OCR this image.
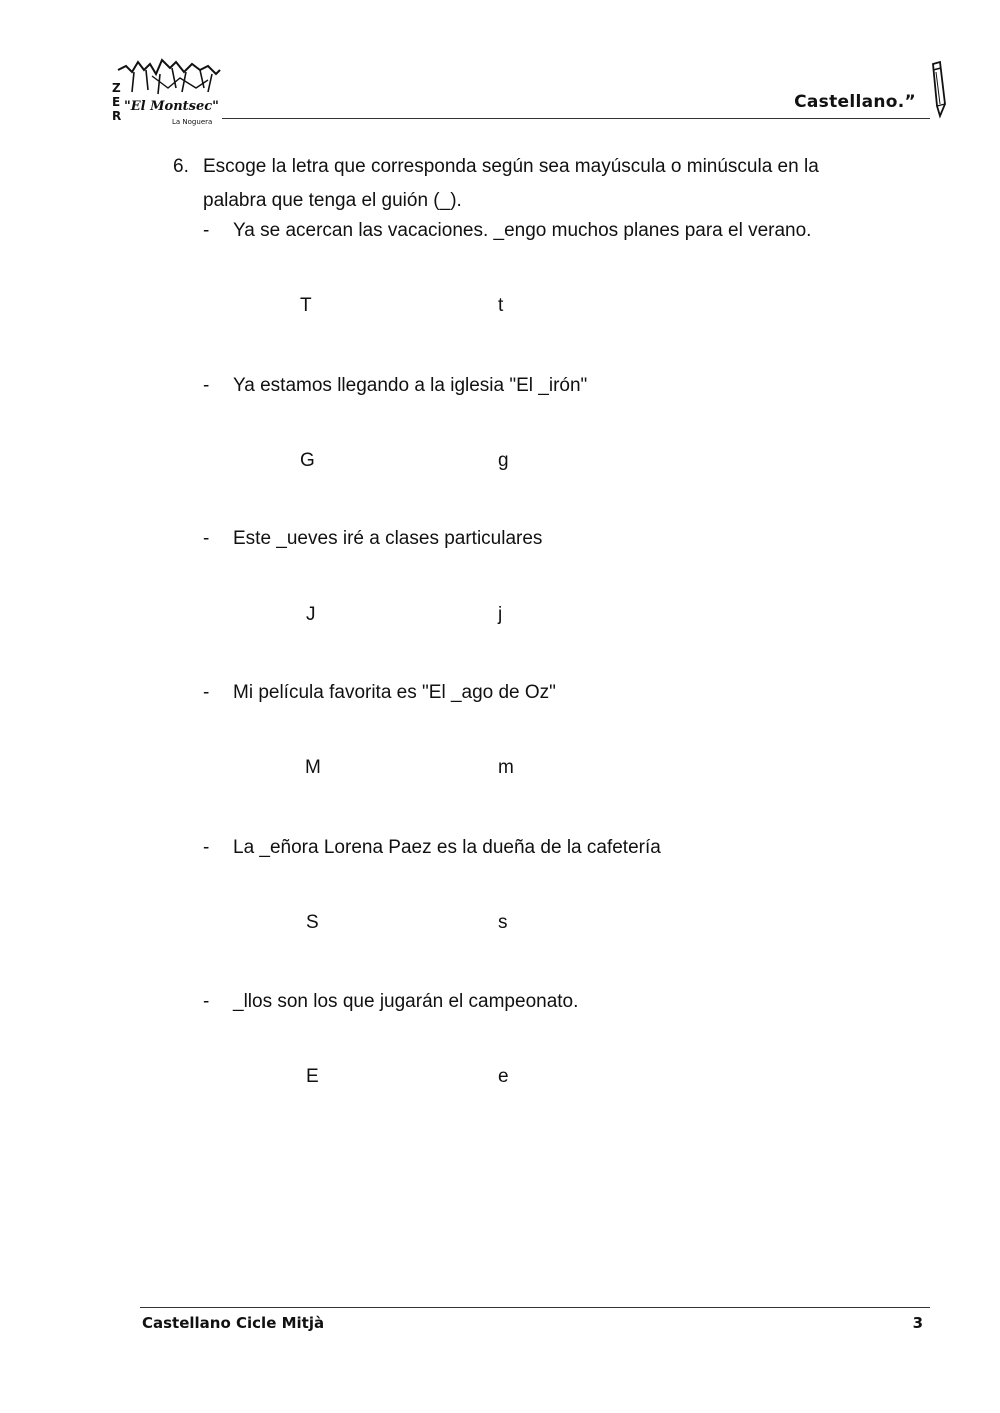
Z
E
R
"El Montsec"
La Noguera
Castellano.”
6. Escoge la letra que corresponda según sea mayúscula o minúscula en la
palabra que tenga el guión (_).
- Ya se acercan las vacaciones. _engo muchos planes para el verano.
T	t
- Ya estamos llegando a la iglesia "El _irón"
G	g
- Este _ueves iré a clases particulares
J	j
- Mi película favorita es "El _ago de Oz"
M	m
- La _eñora Lorena Paez es la dueña de la cafetería
S	s
- _llos son los que jugarán el campeonato.
E	e
Castellano Cicle Mitjà	3
